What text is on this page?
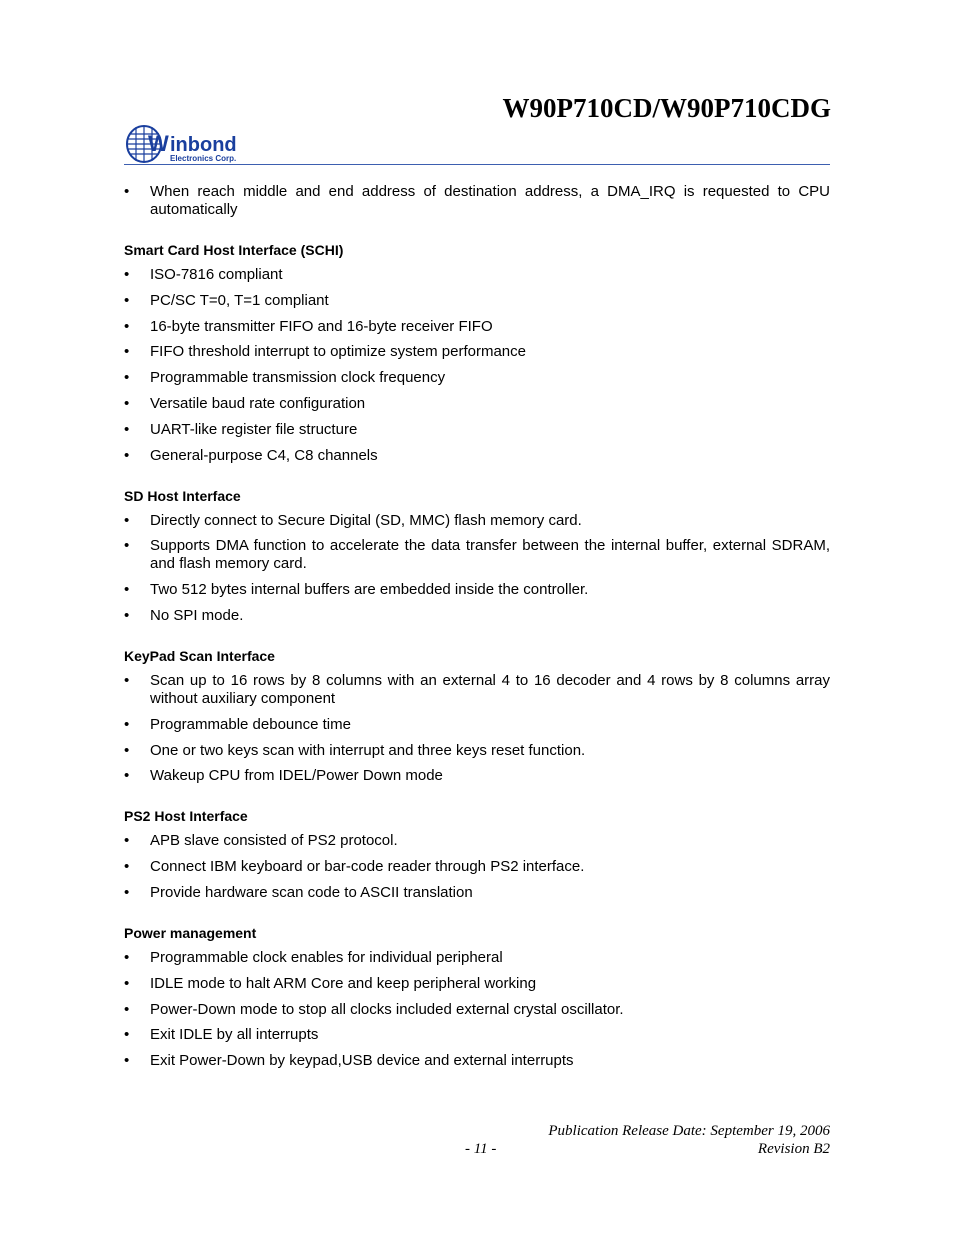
W90P710CD/W90P710CDG
W inbond
Electronics Corp.
• When reach middle and end address of destination address, a DMA_IRQ is requested to CPU automatically
Smart Card Host Interface (SCHI)
• ISO-7816 compliant
• PC/SC T=0, T=1 compliant
• 16-byte transmitter FIFO and 16-byte receiver FIFO
• FIFO threshold interrupt to optimize system performance
• Programmable transmission clock frequency
• Versatile baud rate configuration
• UART-like register file structure
• General-purpose C4, C8 channels
SD Host Interface
• Directly connect to Secure Digital (SD, MMC) flash memory card.
• Supports DMA function to accelerate the data transfer between the internal buffer, external SDRAM, and flash memory card.
• Two 512 bytes internal buffers are embedded inside the controller.
• No SPI mode.
KeyPad Scan Interface
• Scan up to 16 rows by 8 columns with an external 4 to 16 decoder and 4 rows by 8 columns array without auxiliary component
• Programmable debounce time
• One or two keys scan with interrupt and three keys reset function.
• Wakeup CPU from IDEL/Power Down mode
PS2 Host Interface
• APB slave consisted of PS2 protocol.
• Connect IBM keyboard or bar-code reader through PS2 interface.
• Provide hardware scan code to ASCII translation
Power management
• Programmable clock enables for individual peripheral
• IDLE mode to halt ARM Core and keep peripheral working
• Power-Down mode to stop all clocks included external crystal oscillator.
• Exit IDLE by all interrupts
• Exit Power-Down by keypad,USB device and external interrupts
Publication Release Date: September 19, 2006
- 11 -	Revision B2
